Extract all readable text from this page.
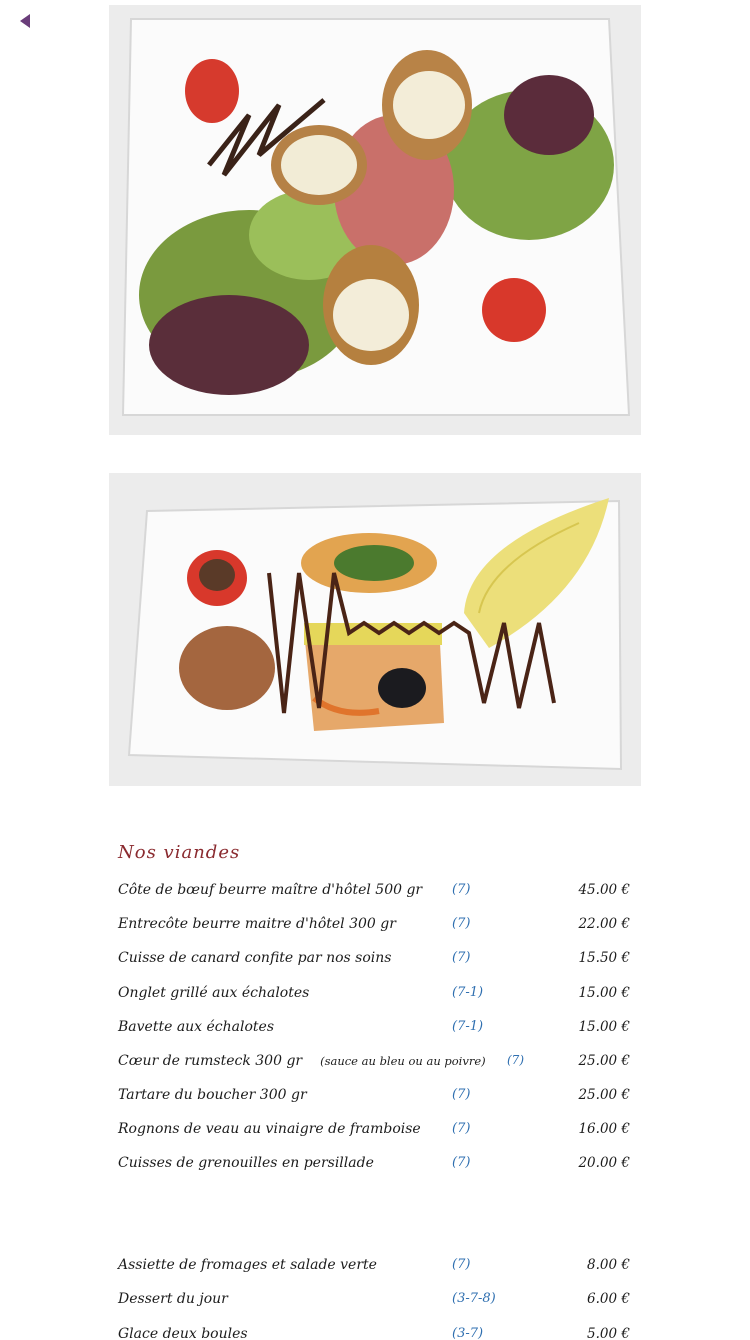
Nos viandes
Côte de bœuf beurre maître d'hôtel 500 gr (7)	45.00 €
Entrecôte beurre maitre d'hôtel 300 gr	(7)	22.00 €
Cuisse de canard confite par nos soins	(7)	15.50 €
Onglet grillé aux échalotes	(7-1)	15.00 €
Bavette aux échalotes	(7-1)	15.00 €
Cœur de rumsteck 300 gr (sauce au bleu ou au poivre) (7)	25.00 €
Tartare du boucher 300 gr	(7)	25.00 €
Rognons de veau au vinaigre de framboise (7)	16.00 €
Cuisses de grenouilles en persillade	(7)	20.00 €
Assiette de fromages et salade verte	(7)	8.00 €
Dessert du jour	(3-7-8)	6.00 €
Glace deux boules	(3-7)	5.00 €
